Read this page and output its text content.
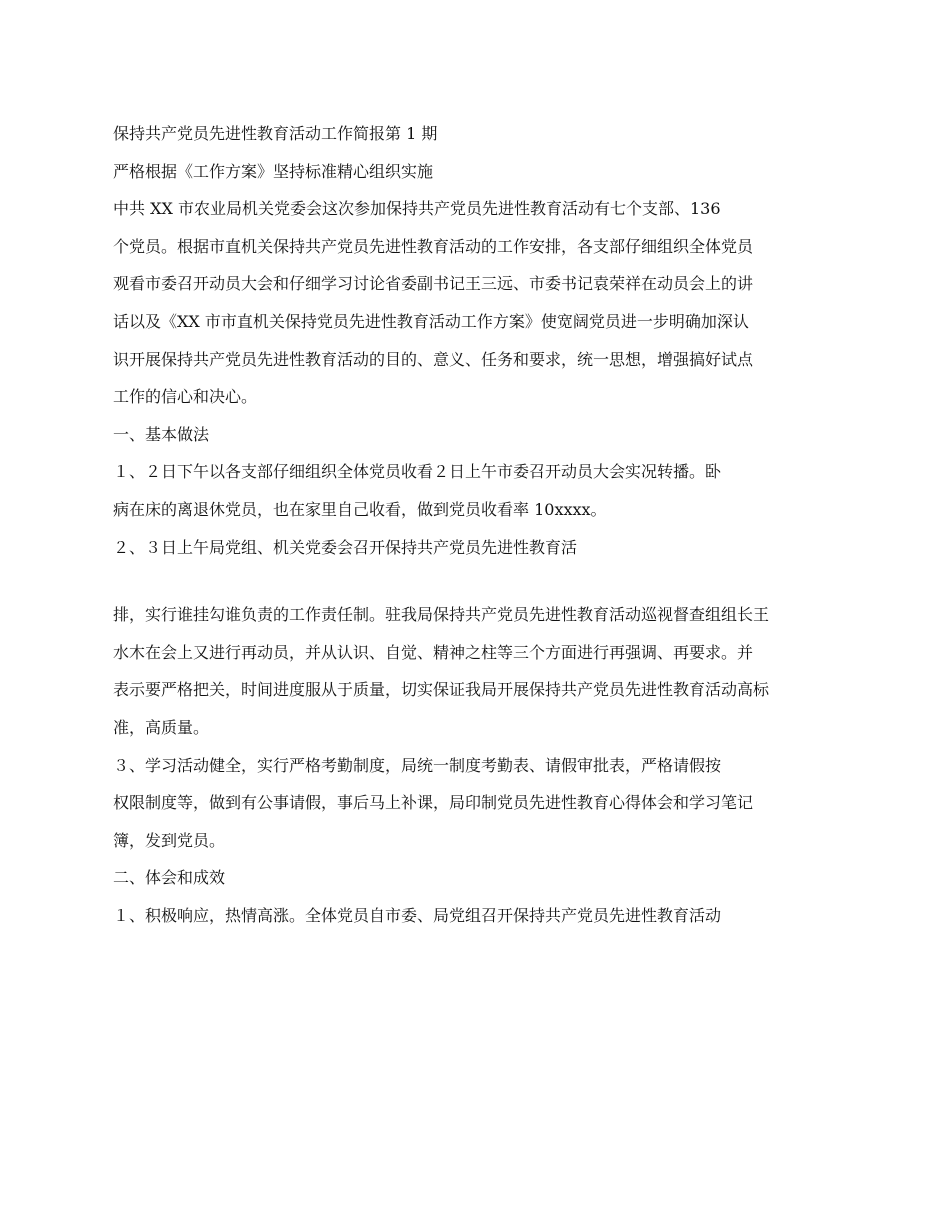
保持共产党员先进性教育活动工作简报第 1 期

严格根据《工作方案》坚持标准精心组织实施

中共 XX 市农业局机关党委会这次参加保持共产党员先进性教育活动有七个支部、136

个党员。根据市直机关保持共产党员先进性教育活动的工作安排，各支部仔细组织全体党员

观看市委召开动员大会和仔细学习讨论省委副书记王三远、市委书记袁荣祥在动员会上的讲

话以及《XX 市市直机关保持党员先进性教育活动工作方案》使宽阔党员进一步明确加深认

识开展保持共产党员先进性教育活动的目的、意义、任务和要求，统一思想，增强搞好试点

工作的信心和决心。

一、基本做法

１、２日下午以各支部仔细组织全体党员收看２日上午市委召开动员大会实况转播。卧

病在床的离退休党员，也在家里自己收看，做到党员收看率 10xxxx。

２、３日上午局党组、机关党委会召开保持共产党员先进性教育活

排，实行谁挂勾谁负责的工作责任制。驻我局保持共产党员先进性教育活动巡视督查组组长王

水木在会上又进行再动员，并从认识、自觉、精神之柱等三个方面进行再强调、再要求。并

表示要严格把关，时间进度服从于质量，切实保证我局开展保持共产党员先进性教育活动高标

准，高质量。

３、学习活动健全，实行严格考勤制度，局统一制度考勤表、请假审批表，严格请假按

权限制度等，做到有公事请假，事后马上补课，局印制党员先进性教育心得体会和学习笔记

簿，发到党员。

二、体会和成效

１、积极响应，热情高涨。全体党员自市委、局党组召开保持共产党员先进性教育活动
